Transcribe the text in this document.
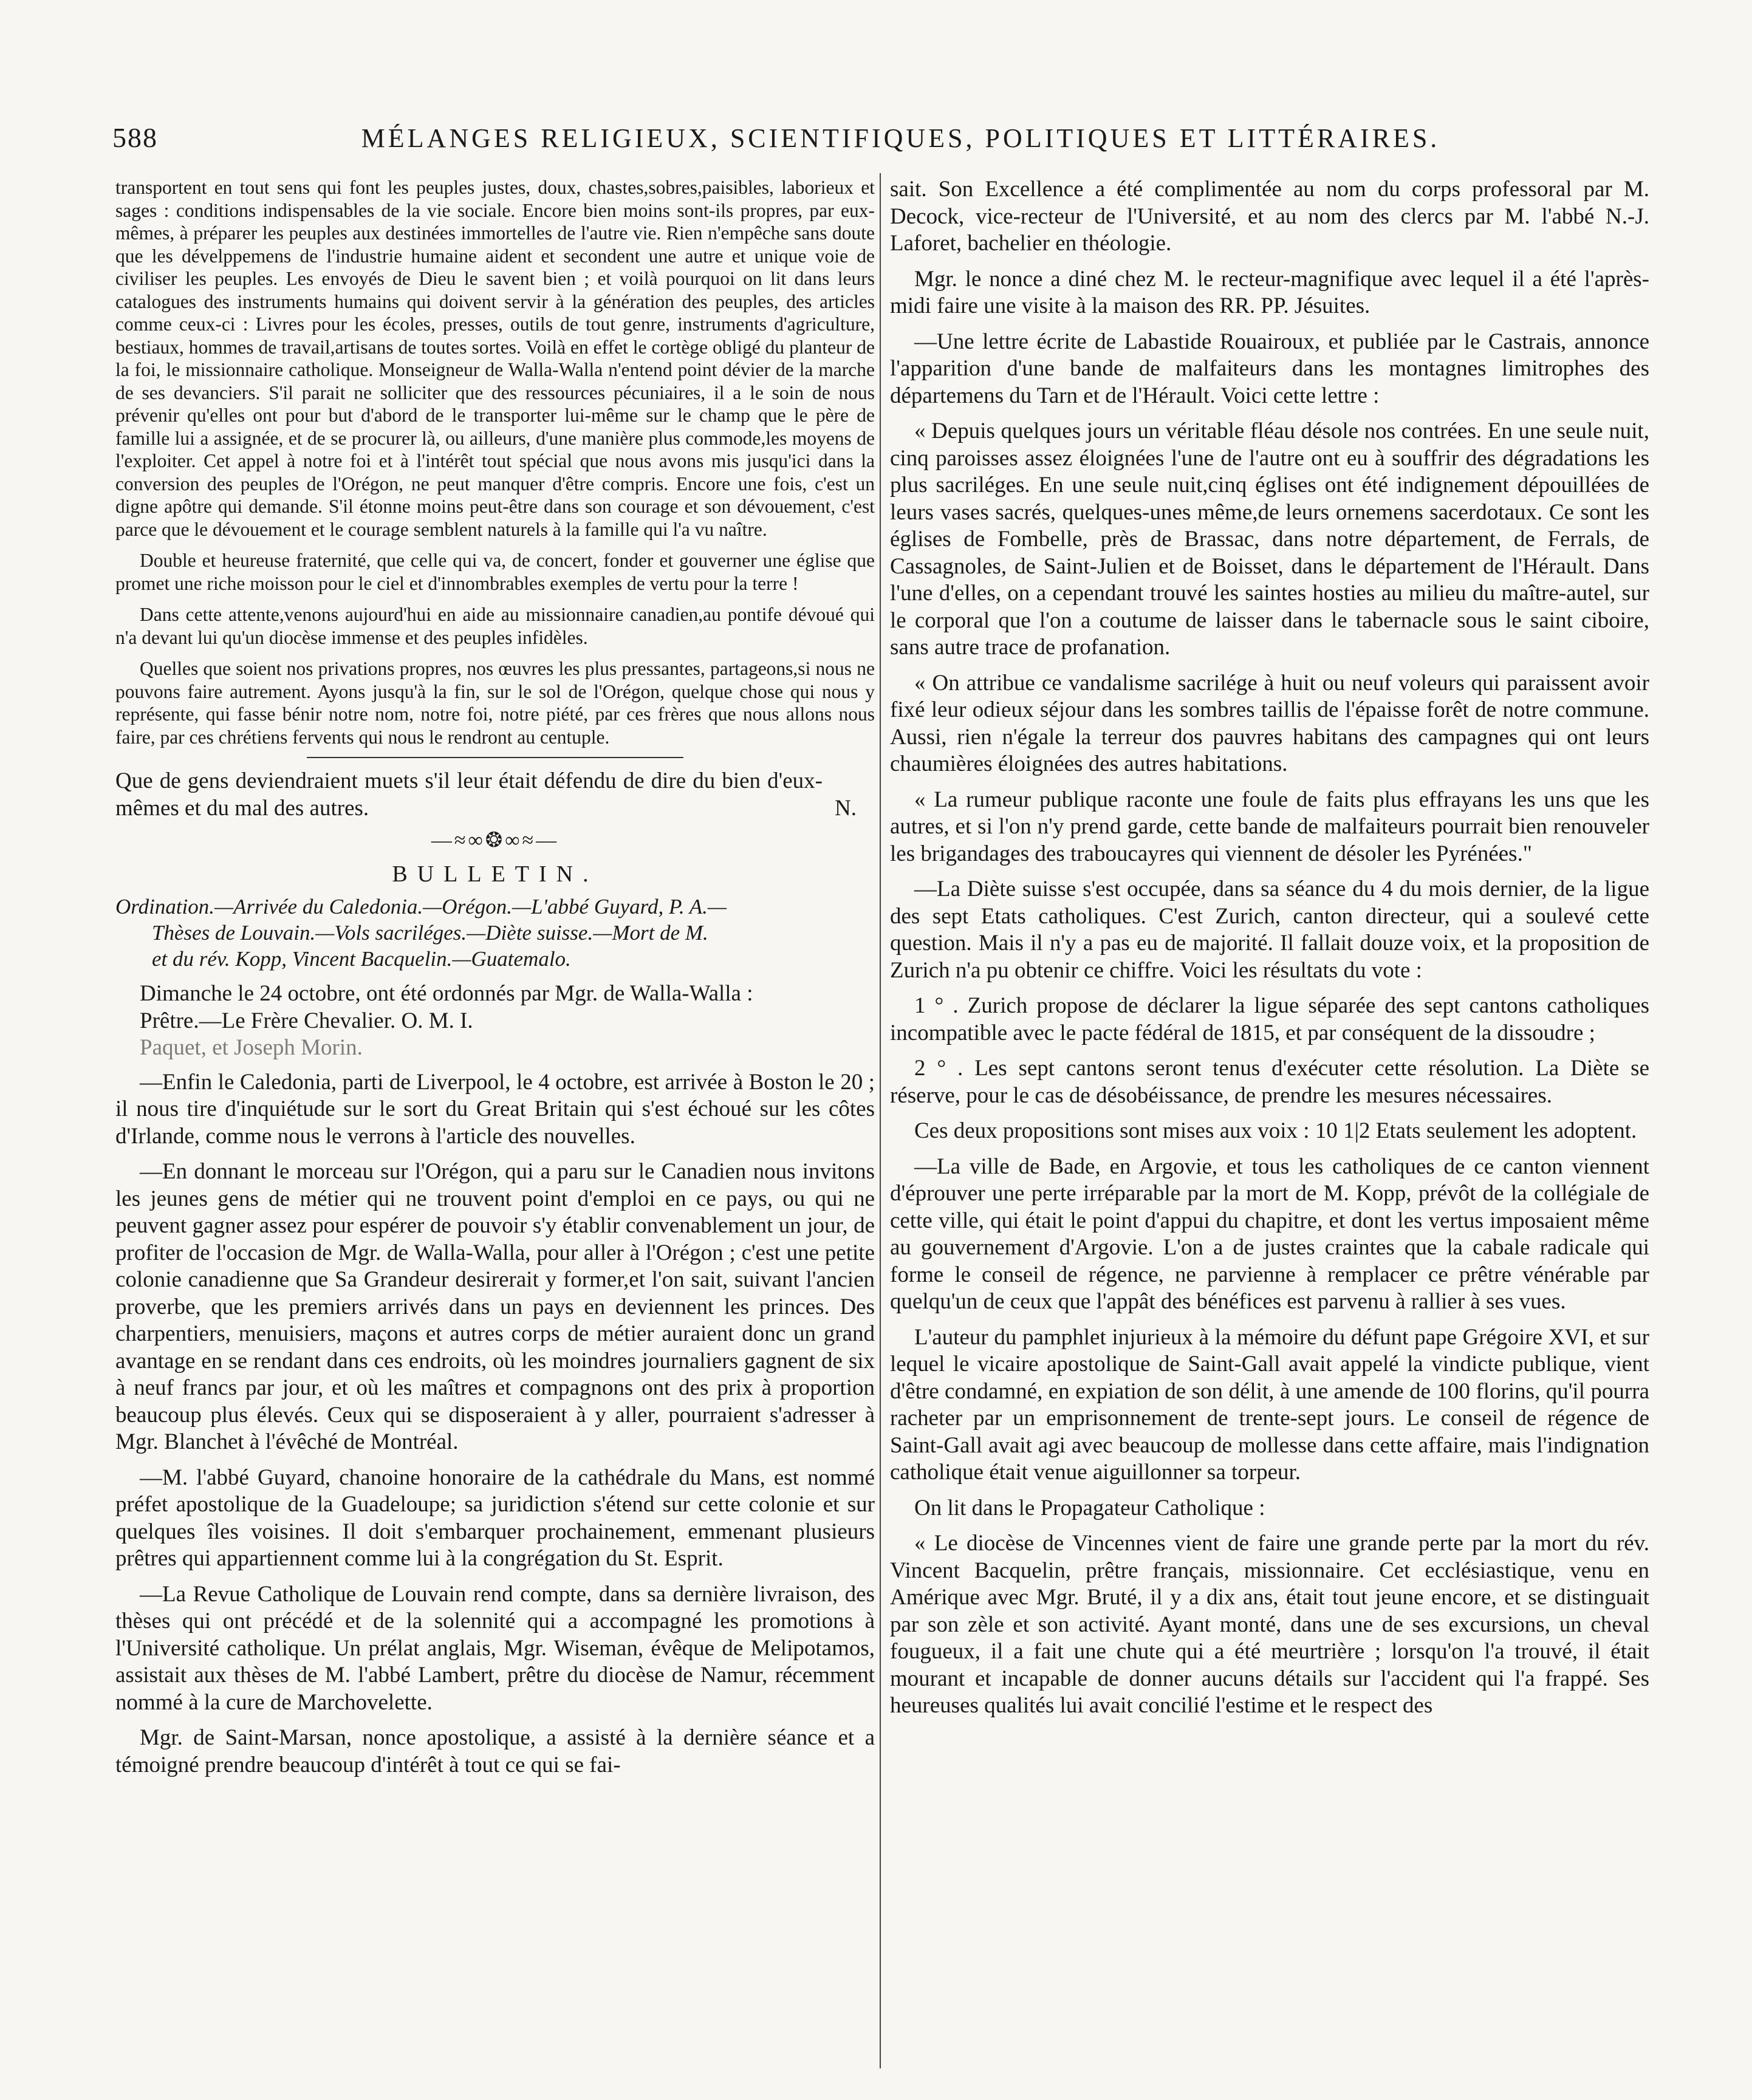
588	MÉLANGES RELIGIEUX, SCIENTIFIQUES, POLITIQUES ET LITTÉRAIRES.

transportent en tout sens qui font les peuples justes, doux, chastes,sobres,paisibles, laborieux et sages : conditions indispensables de la vie sociale. Encore bien moins sont-ils propres, par eux-mêmes, à préparer les peuples aux destinées immortelles de l'autre vie. Rien n'empêche sans doute que les dévelppemens de l'industrie humaine aident et secondent une autre et unique voie de civiliser les peuples. Les envoyés de Dieu le savent bien ; et voilà pourquoi on lit dans leurs catalogues des instruments humains qui doivent servir à la génération des peuples, des articles comme ceux-ci : Livres pour les écoles, presses, outils de tout genre, instruments d'agriculture, bestiaux, hommes de travail,artisans de toutes sortes. Voilà en effet le cortège obligé du planteur de la foi, le missionnaire catholique. Monseigneur de Walla-Walla n'entend point dévier de la marche de ses devanciers. S'il parait ne solliciter que des ressources pécuniaires, il a le soin de nous prévenir qu'elles ont pour but d'abord de le transporter lui-même sur le champ que le père de famille lui a assignée, et de se procurer là, ou ailleurs, d'une manière plus commode,les moyens de l'exploiter. Cet appel à notre foi et à l'intérêt tout spécial que nous avons mis jusqu'ici dans la conversion des peuples de l'Orégon, ne peut manquer d'être compris. Encore une fois, c'est un digne apôtre qui demande. S'il étonne moins peut-être dans son courage et son dévouement, c'est parce que le dévouement et le courage semblent naturels à la famille qui l'a vu naître.

Double et heureuse fraternité, que celle qui va, de concert, fonder et gouverner une église que promet une riche moisson pour le ciel et d'innombrables exemples de vertu pour la terre !

Dans cette attente,venons aujourd'hui en aide au missionnaire canadien,au pontife dévoué qui n'a devant lui qu'un diocèse immense et des peuples infidèles.

Quelles que soient nos privations propres, nos œuvres les plus pressantes, partageons,si nous ne pouvons faire autrement. Ayons jusqu'à la fin, sur le sol de l'Orégon, quelque chose qui nous y représente, qui fasse bénir notre nom, notre foi, notre piété, par ces frères que nous allons nous faire, par ces chrétiens fervents qui nous le rendront au centuple.

Que de gens deviendraient muets s'il leur était défendu de dire du bien d'eux-mêmes et du mal des autres.	N.
—≈∞❂∞≈—
BULLETIN.
Ordination.—Arrivée du Caledonia.—Orégon.—L'abbé Guyard, P. A.—
Thèses de Louvain.—Vols sacriléges.—Diète suisse.—Mort de M.
et du rév. Kopp, Vincent Bacquelin.—Guatemalo.

Dimanche le 24 octobre, ont été ordonnés par Mgr. de Walla-Walla :

Prêtre.—Le Frère Chevalier. O. M. I.

Paquet, et Joseph Morin.

—Enfin le Caledonia, parti de Liverpool, le 4 octobre, est arrivée à Boston le 20 ; il nous tire d'inquiétude sur le sort du Great Britain qui s'est échoué sur les côtes d'Irlande, comme nous le verrons à l'article des nouvelles.

—En donnant le morceau sur l'Orégon, qui a paru sur le Canadien nous invitons les jeunes gens de métier qui ne trouvent point d'emploi en ce pays, ou qui ne peuvent gagner assez pour espérer de pouvoir s'y établir convenablement un jour, de profiter de l'occasion de Mgr. de Walla-Walla, pour aller à l'Orégon ; c'est une petite colonie canadienne que Sa Grandeur desirerait y former,et l'on sait, suivant l'ancien proverbe, que les premiers arrivés dans un pays en deviennent les princes. Des charpentiers, menuisiers, maçons et autres corps de métier auraient donc un grand avantage en se rendant dans ces endroits, où les moindres journaliers gagnent de six à neuf francs par jour, et où les maîtres et compagnons ont des prix à proportion beaucoup plus élevés. Ceux qui se disposeraient à y aller, pourraient s'adresser à Mgr. Blanchet à l'évêché de Montréal.

—M. l'abbé Guyard, chanoine honoraire de la cathédrale du Mans, est nommé préfet apostolique de la Guadeloupe; sa juridiction s'étend sur cette colonie et sur quelques îles voisines. Il doit s'embarquer prochainement, emmenant plusieurs prêtres qui appartiennent comme lui à la congrégation du St. Esprit.

—La Revue Catholique de Louvain rend compte, dans sa dernière livraison, des thèses qui ont précédé et de la solennité qui a accompagné les promotions à l'Université catholique. Un prélat anglais, Mgr. Wiseman, évêque de Melipotamos, assistait aux thèses de M. l'abbé Lambert, prêtre du diocèse de Namur, récemment nommé à la cure de Marchovelette.

Mgr. de Saint-Marsan, nonce apostolique, a assisté à la dernière séance et a témoigné prendre beaucoup d'intérêt à tout ce qui se fai-

sait. Son Excellence a été complimentée au nom du corps professoral par M. Decock, vice-recteur de l'Université, et au nom des clercs par M. l'abbé N.-J. Laforet, bachelier en théologie.

Mgr. le nonce a diné chez M. le recteur-magnifique avec lequel il a été l'après-midi faire une visite à la maison des RR. PP. Jésuites.

—Une lettre écrite de Labastide Rouairoux, et publiée par le Castrais, annonce l'apparition d'une bande de malfaiteurs dans les montagnes limitrophes des départemens du Tarn et de l'Hérault. Voici cette lettre :

« Depuis quelques jours un véritable fléau désole nos contrées. En une seule nuit, cinq paroisses assez éloignées l'une de l'autre ont eu à souffrir des dégradations les plus sacriléges. En une seule nuit,cinq églises ont été indignement dépouillées de leurs vases sacrés, quelques-unes même,de leurs ornemens sacerdotaux. Ce sont les églises de Fombelle, près de Brassac, dans notre département, de Ferrals, de Cassagnoles, de Saint-Julien et de Boisset, dans le département de l'Hérault. Dans l'une d'elles, on a cependant trouvé les saintes hosties au milieu du maître-autel, sur le corporal que l'on a coutume de laisser dans le tabernacle sous le saint ciboire, sans autre trace de profanation.

« On attribue ce vandalisme sacrilége à huit ou neuf voleurs qui paraissent avoir fixé leur odieux séjour dans les sombres taillis de l'épaisse forêt de notre commune. Aussi, rien n'égale la terreur dos pauvres habitans des campagnes qui ont leurs chaumières éloignées des autres habitations.

« La rumeur publique raconte une foule de faits plus effrayans les uns que les autres, et si l'on n'y prend garde, cette bande de malfaiteurs pourrait bien renouveler les brigandages des traboucayres qui viennent de désoler les Pyrénées."

—La Diète suisse s'est occupée, dans sa séance du 4 du mois dernier, de la ligue des sept Etats catholiques. C'est Zurich, canton directeur, qui a soulevé cette question. Mais il n'y a pas eu de majorité. Il fallait douze voix, et la proposition de Zurich n'a pu obtenir ce chiffre. Voici les résultats du vote :

1 ° . Zurich propose de déclarer la ligue séparée des sept cantons catholiques incompatible avec le pacte fédéral de 1815, et par conséquent de la dissoudre ;

2 ° . Les sept cantons seront tenus d'exécuter cette résolution. La Diète se réserve, pour le cas de désobéissance, de prendre les mesures nécessaires.

Ces deux propositions sont mises aux voix : 10 1|2 Etats seulement les adoptent.

—La ville de Bade, en Argovie, et tous les catholiques de ce canton viennent d'éprouver une perte irréparable par la mort de M. Kopp, prévôt de la collégiale de cette ville, qui était le point d'appui du chapitre, et dont les vertus imposaient même au gouvernement d'Argovie. L'on a de justes craintes que la cabale radicale qui forme le conseil de régence, ne parvienne à remplacer ce prêtre vénérable par quelqu'un de ceux que l'appât des bénéfices est parvenu à rallier à ses vues.

L'auteur du pamphlet injurieux à la mémoire du défunt pape Grégoire XVI, et sur lequel le vicaire apostolique de Saint-Gall avait appelé la vindicte publique, vient d'être condamné, en expiation de son délit, à une amende de 100 florins, qu'il pourra racheter par un emprisonnement de trente-sept jours. Le conseil de régence de Saint-Gall avait agi avec beaucoup de mollesse dans cette affaire, mais l'indignation catholique était venue aiguillonner sa torpeur.

On lit dans le Propagateur Catholique :

« Le diocèse de Vincennes vient de faire une grande perte par la mort du rév. Vincent Bacquelin, prêtre français, missionnaire. Cet ecclésiastique, venu en Amérique avec Mgr. Bruté, il y a dix ans, était tout jeune encore, et se distinguait par son zèle et son activité. Ayant monté, dans une de ses excursions, un cheval fougueux, il a fait une chute qui a été meurtrière ; lorsqu'on l'a trouvé, il était mourant et incapable de donner aucuns détails sur l'accident qui l'a frappé. Ses heureuses qualités lui avait concilié l'estime et le respect des
